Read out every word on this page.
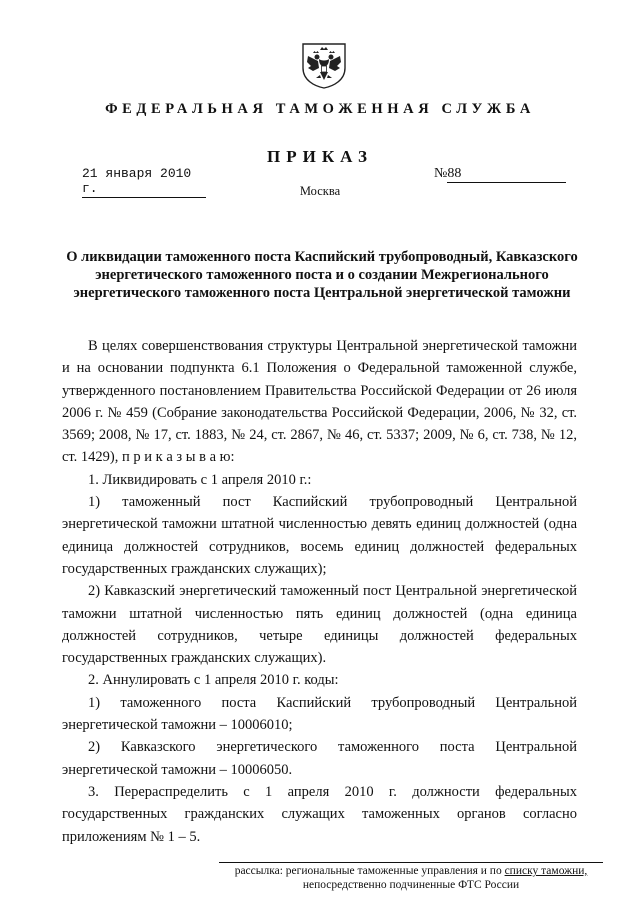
ФЕДЕРАЛЬНАЯ ТАМОЖЕННАЯ СЛУЖБА
ПРИКАЗ
21 января 2010 г.
№88
Москва
О ликвидации таможенного поста Каспийский трубопроводный, Кавказского энергетического таможенного поста и о создании Межрегионального энергетического таможенного поста Центральной энергетической таможни

В целях совершенствования структуры Центральной энергетической таможни и на основании подпункта 6.1 Положения о Федеральной таможенной службе, утвержденного постановлением Правительства Российской Федерации от 26 июля 2006 г. № 459 (Собрание законодательства Российской Федерации, 2006, № 32, ст. 3569; 2008, № 17, ст. 1883, № 24, ст. 2867, № 46, ст. 5337; 2009, № 6, ст. 738, № 12, ст. 1429), п р и к а з ы в а ю:

1. Ликвидировать с 1 апреля 2010 г.:

1) таможенный пост Каспийский трубопроводный Центральной энергетической таможни штатной численностью девять единиц должностей (одна единица должностей сотрудников, восемь единиц должностей федеральных государственных гражданских служащих);

2) Кавказский энергетический таможенный пост Центральной энергетической таможни штатной численностью пять единиц должностей (одна единица должностей сотрудников, четыре единицы должностей федеральных государственных гражданских служащих).

2. Аннулировать с 1 апреля 2010 г. коды:

1) таможенного поста Каспийский трубопроводный Центральной энергетической таможни – 10006010;

2) Кавказского энергетического таможенного поста Центральной энергетической таможни – 10006050.

3. Перераспределить с 1 апреля 2010 г. должности федеральных государственных гражданских служащих таможенных органов согласно приложениям № 1 – 5.

рассылка: региональные таможенные управления и по списку таможни,
непосредственно подчиненные ФТС России
